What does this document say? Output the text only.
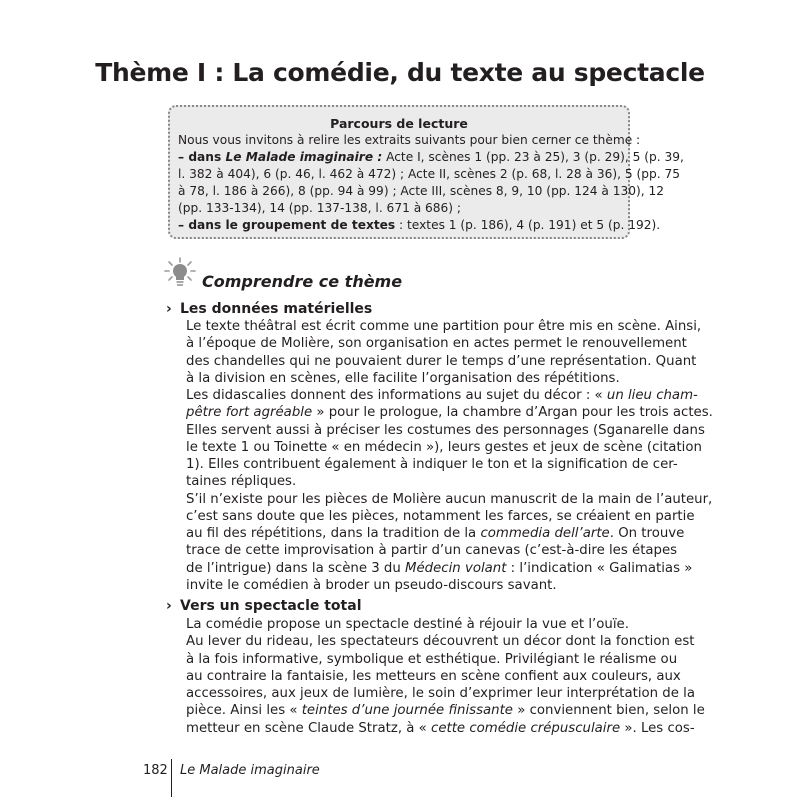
Thème I : La comédie, du texte au spectacle
Parcours de lecture
Nous vous invitons à relire les extraits suivants pour bien cerner ce thème :
– dans Le Malade imaginaire : Acte I, scènes 1 (pp. 23 à 25), 3 (p. 29), 5 (p. 39,
l. 382 à 404), 6 (p. 46, l. 462 à 472) ; Acte II, scènes 2 (p. 68, l. 28 à 36), 5 (pp. 75
à 78, l. 186 à 266), 8 (pp. 94 à 99) ; Acte III, scènes 8, 9, 10 (pp. 124 à 130), 12
(pp. 133-134), 14 (pp. 137-138, l. 671 à 686) ;
– dans le groupement de textes : textes 1 (p. 186), 4 (p. 191) et 5 (p. 192).
Comprendre ce thème
› Les données matérielles
Le texte théâtral est écrit comme une partition pour être mis en scène. Ainsi,
à l’époque de Molière, son organisation en actes permet le renouvellement
des chandelles qui ne pouvaient durer le temps d’une représentation. Quant
à la division en scènes, elle facilite l’organisation des répétitions.
Les didascalies donnent des informations au sujet du décor : « un lieu cham-
pêtre fort agréable » pour le prologue, la chambre d’Argan pour les trois actes.
Elles servent aussi à préciser les costumes des personnages (Sganarelle dans
le texte 1 ou Toinette « en médecin »), leurs gestes et jeux de scène (citation
1). Elles contribuent également à indiquer le ton et la signification de cer-
taines répliques.
S’il n’existe pour les pièces de Molière aucun manuscrit de la main de l’auteur,
c’est sans doute que les pièces, notamment les farces, se créaient en partie
au fil des répétitions, dans la tradition de la commedia dell’arte. On trouve
trace de cette improvisation à partir d’un canevas (c’est-à-dire les étapes
de l’intrigue) dans la scène 3 du Médecin volant : l’indication « Galimatias »
invite le comédien à broder un pseudo-discours savant.
› Vers un spectacle total
La comédie propose un spectacle destiné à réjouir la vue et l’ouïe.
Au lever du rideau, les spectateurs découvrent un décor dont la fonction est
à la fois informative, symbolique et esthétique. Privilégiant le réalisme ou
au contraire la fantaisie, les metteurs en scène confient aux couleurs, aux
accessoires, aux jeux de lumière, le soin d’exprimer leur interprétation de la
pièce. Ainsi les « teintes d’une journée finissante » conviennent bien, selon le
metteur en scène Claude Stratz, à « cette comédie crépusculaire ». Les cos-
182 Le Malade imaginaire
